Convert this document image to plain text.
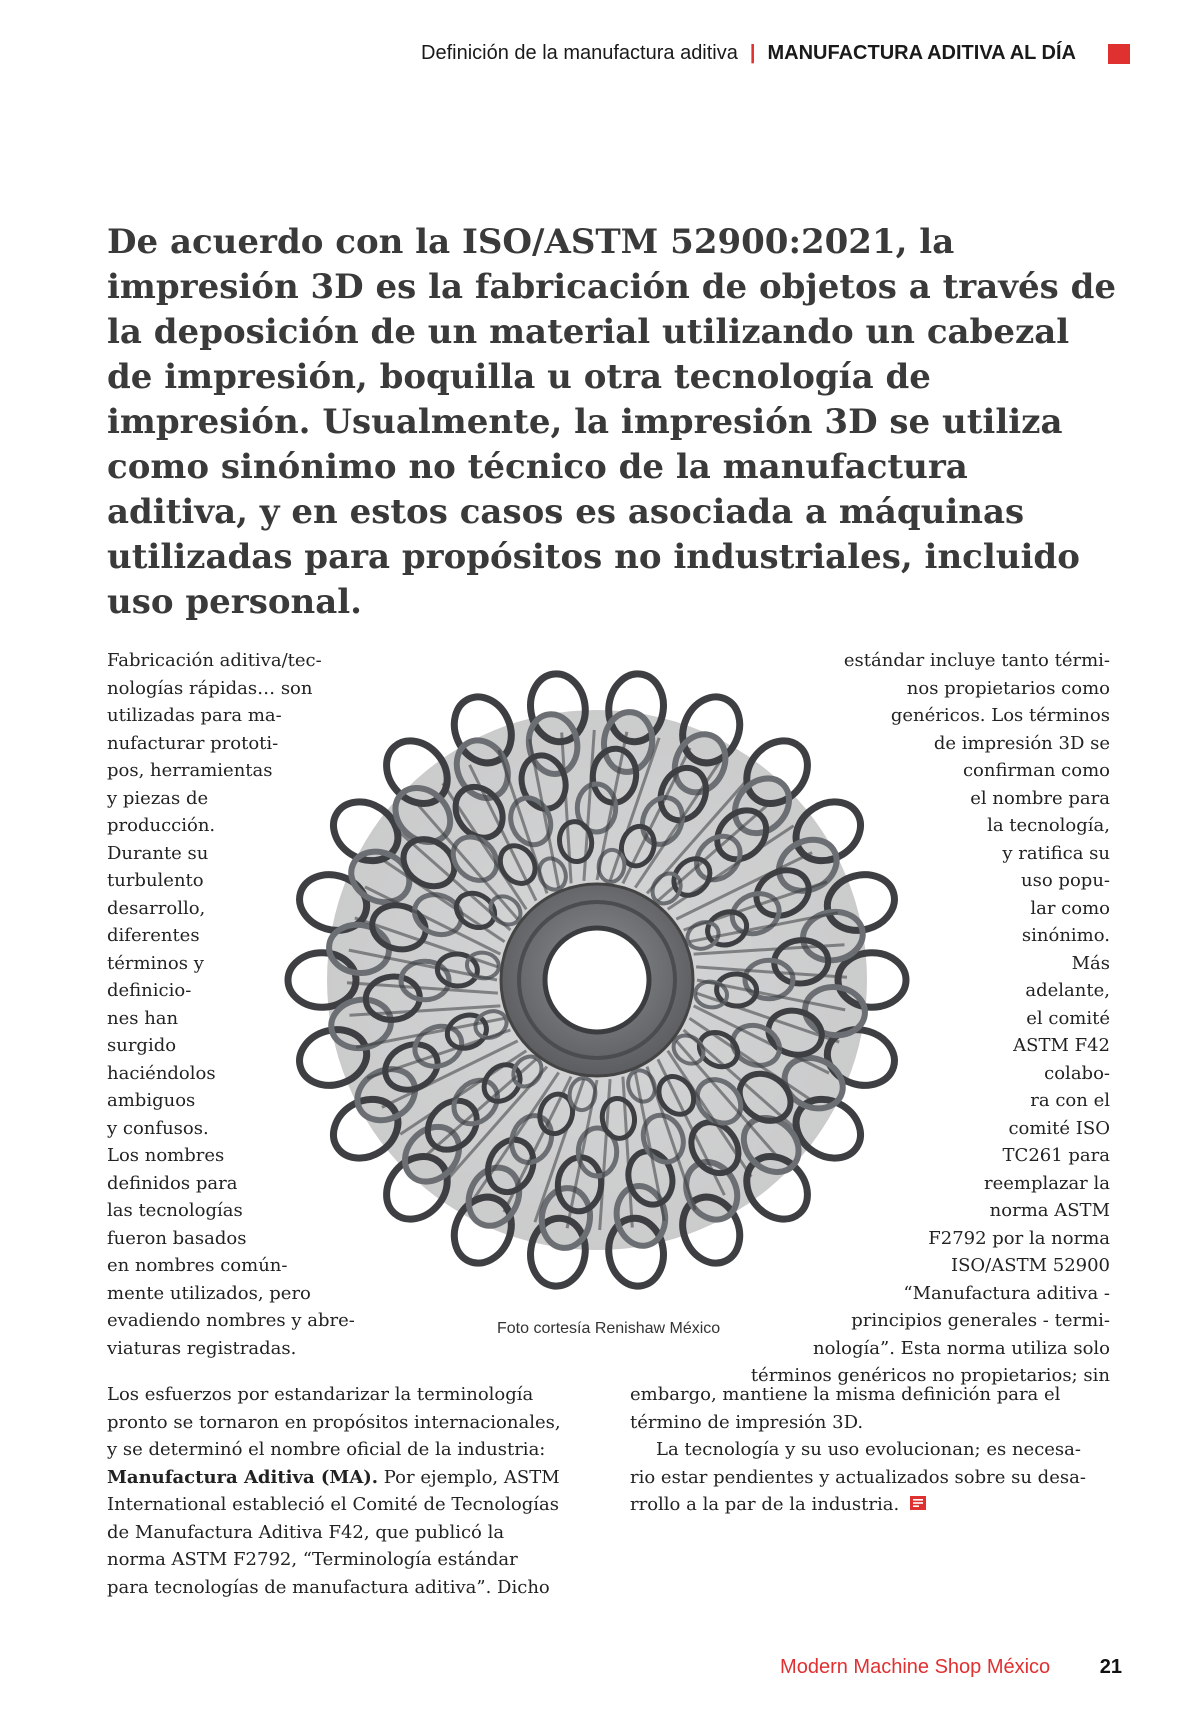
Definición de la manufactura aditiva | MANUFACTURA ADITIVA AL DÍA
De acuerdo con la ISO/ASTM 52900:2021, la impresión 3D es la fabricación de objetos a través de la deposición de un material utilizando un cabezal de impresión, boquilla u otra tecnología de impresión. Usualmente, la impresión 3D se utiliza como sinónimo no técnico de la manufactura aditiva, y en estos casos es asociada a máquinas utilizadas para propósitos no industriales, incluido uso personal.
Fabricación aditiva/tec-
nologías rápidas… son
utilizadas para ma-
nufacturar prototi-
pos, herramientas
y piezas de
producción.
Durante su
turbulento
desarrollo,
diferentes
términos y
definicio-
nes han
surgido
haciéndolos
ambiguos
y confusos.
Los nombres
definidos para
las tecnologías
fueron basados
en nombres común-
mente utilizados, pero
evadiendo nombres y abre-
viaturas registradas.
estándar incluye tanto térmi-
nos propietarios como
genéricos. Los términos
de impresión 3D se
confirman como
el nombre para
la tecnología,
y ratifica su
uso popu-
lar como
sinónimo.
Más
adelante,
el comité
ASTM F42
colabo-
ra con el
comité ISO
TC261 para
reemplazar la
norma ASTM
F2792 por la norma
ISO/ASTM 52900
“Manufactura aditiva -
principios generales - termi-
nología”. Esta norma utiliza solo
términos genéricos no propietarios; sin
Foto cortesía Renishaw México
Los esfuerzos por estandarizar la terminología
pronto se tornaron en propósitos internacionales,
y se determinó el nombre oficial de la industria:
Manufactura Aditiva (MA). Por ejemplo, ASTM
International estableció el Comité de Tecnologías
de Manufactura Aditiva F42, que publicó la
norma ASTM F2792, “Terminología estándar
para tecnologías de manufactura aditiva”. Dicho
embargo, mantiene la misma definición para el
término de impresión 3D.
La tecnología y su uso evolucionan; es necesa-
rio estar pendientes y actualizados sobre su desa-
rrollo a la par de la industria.
Modern Machine Shop México 21
